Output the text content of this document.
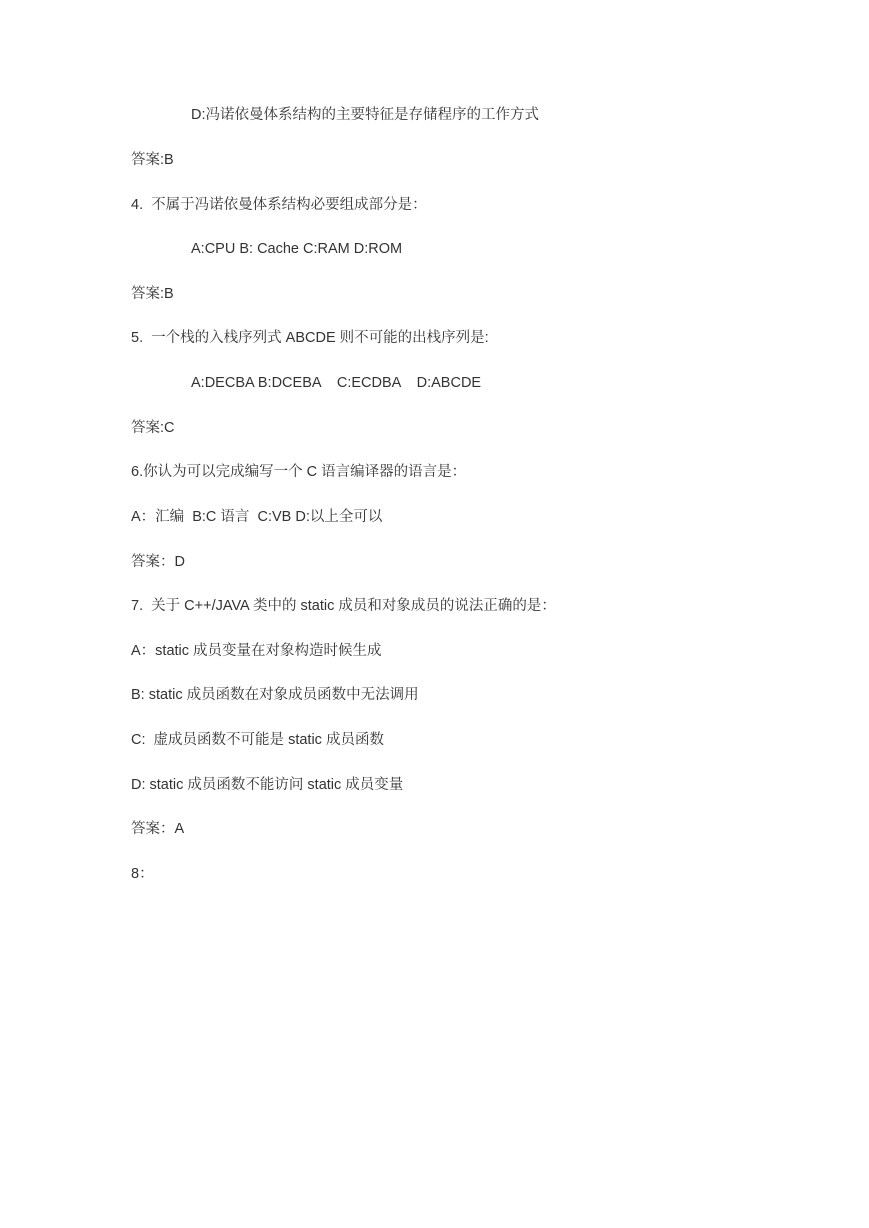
D:冯诺依曼体系结构的主要特征是存储程序的工作方式
答案:B
4.  不属于冯诺依曼体系结构必要组成部分是：
A:CPU B: Cache C:RAM D:ROM
答案:B
5.  一个栈的入栈序列式 ABCDE 则不可能的出栈序列是:
A:DECBA B:DCEBA    C:ECDBA    D:ABCDE
答案:C
6.你认为可以完成编写一个 C 语言编译器的语言是：
A：汇编  B:C 语言  C:VB D:以上全可以
答案：D
7.  关于 C++/JAVA 类中的 static 成员和对象成员的说法正确的是：
A：static 成员变量在对象构造时候生成
B: static 成员函数在对象成员函数中无法调用
C:  虚成员函数不可能是 static 成员函数
D: static 成员函数不能访问 static 成员变量
答案：A
8：
